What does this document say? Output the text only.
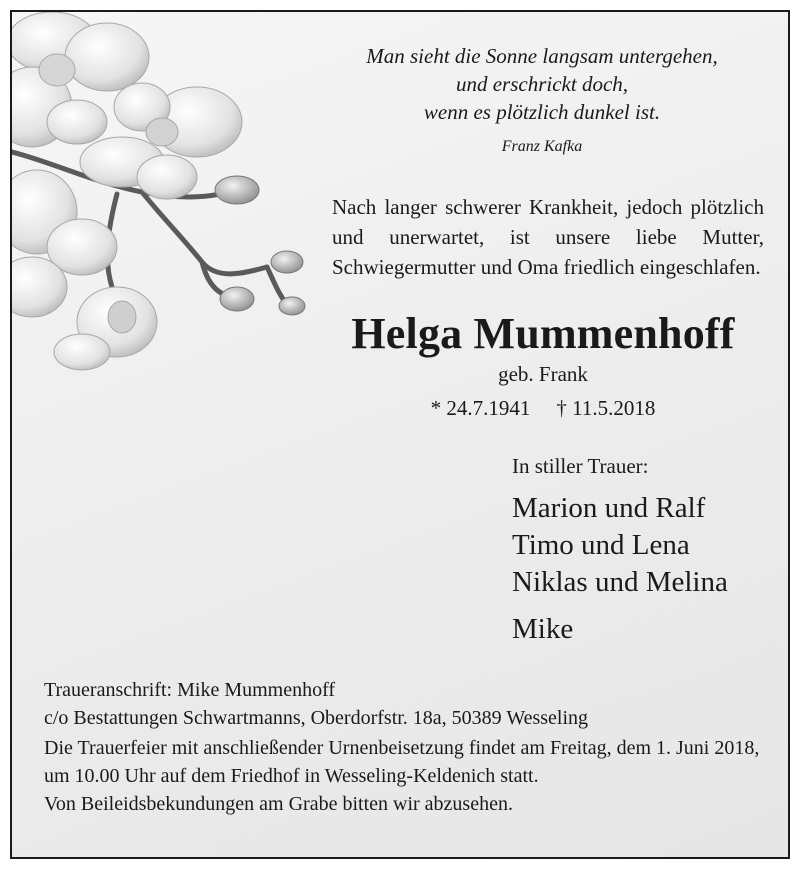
Man sieht die Sonne langsam untergehen,
und erschrickt doch,
wenn es plötzlich dunkel ist.
Franz Kafka
Nach langer schwerer Krankheit, jedoch plötzlich und unerwartet, ist unsere liebe Mutter, Schwiegermutter und Oma friedlich eingeschlafen.
Helga Mummenhoff
geb. Frank
* 24.7.1941 † 11.5.2018
In stiller Trauer:
Marion und Ralf
Timo und Lena
Niklas und Melina
Mike
Traueranschrift: Mike Mummenhoff
c/o Bestattungen Schwartmanns, Oberdorfstr. 18a, 50389 Wesseling
Die Trauerfeier mit anschließender Urnenbeisetzung findet am Freitag, dem 1. Juni 2018, um 10.00 Uhr auf dem Friedhof in Wesseling-Keldenich statt.
Von Beileidsbekundungen am Grabe bitten wir abzusehen.
